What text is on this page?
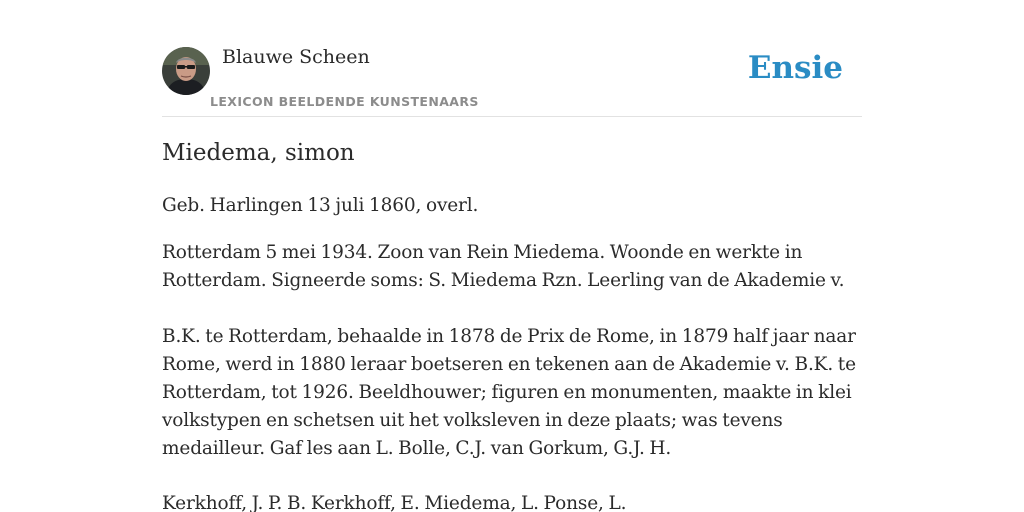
Blauwe Scheen
LEXICON BEELDENDE KUNSTENAARS
Ensie
Miedema, simon

Geb. Harlingen 13 juli 1860, overl.

Rotterdam 5 mei 1934. Zoon van Rein Miedema. Woonde en werkte in Rotterdam. Signeerde soms: S. Miedema Rzn. Leerling van de Akademie v.

B.K. te Rotterdam, behaalde in 1878 de Prix de Rome, in 1879 half jaar naar Rome, werd in 1880 leraar boetseren en tekenen aan de Akademie v. B.K. te Rotterdam, tot 1926. Beeldhouwer; figuren en monumenten, maakte in klei volkstypen en schetsen uit het volksleven in deze plaats; was tevens medailleur. Gaf les aan L. Bolle, C.J. van Gorkum, G.J. H.

Kerkhoff, J. P. B. Kerkhoff, E. Miedema, L. Ponse, L.
